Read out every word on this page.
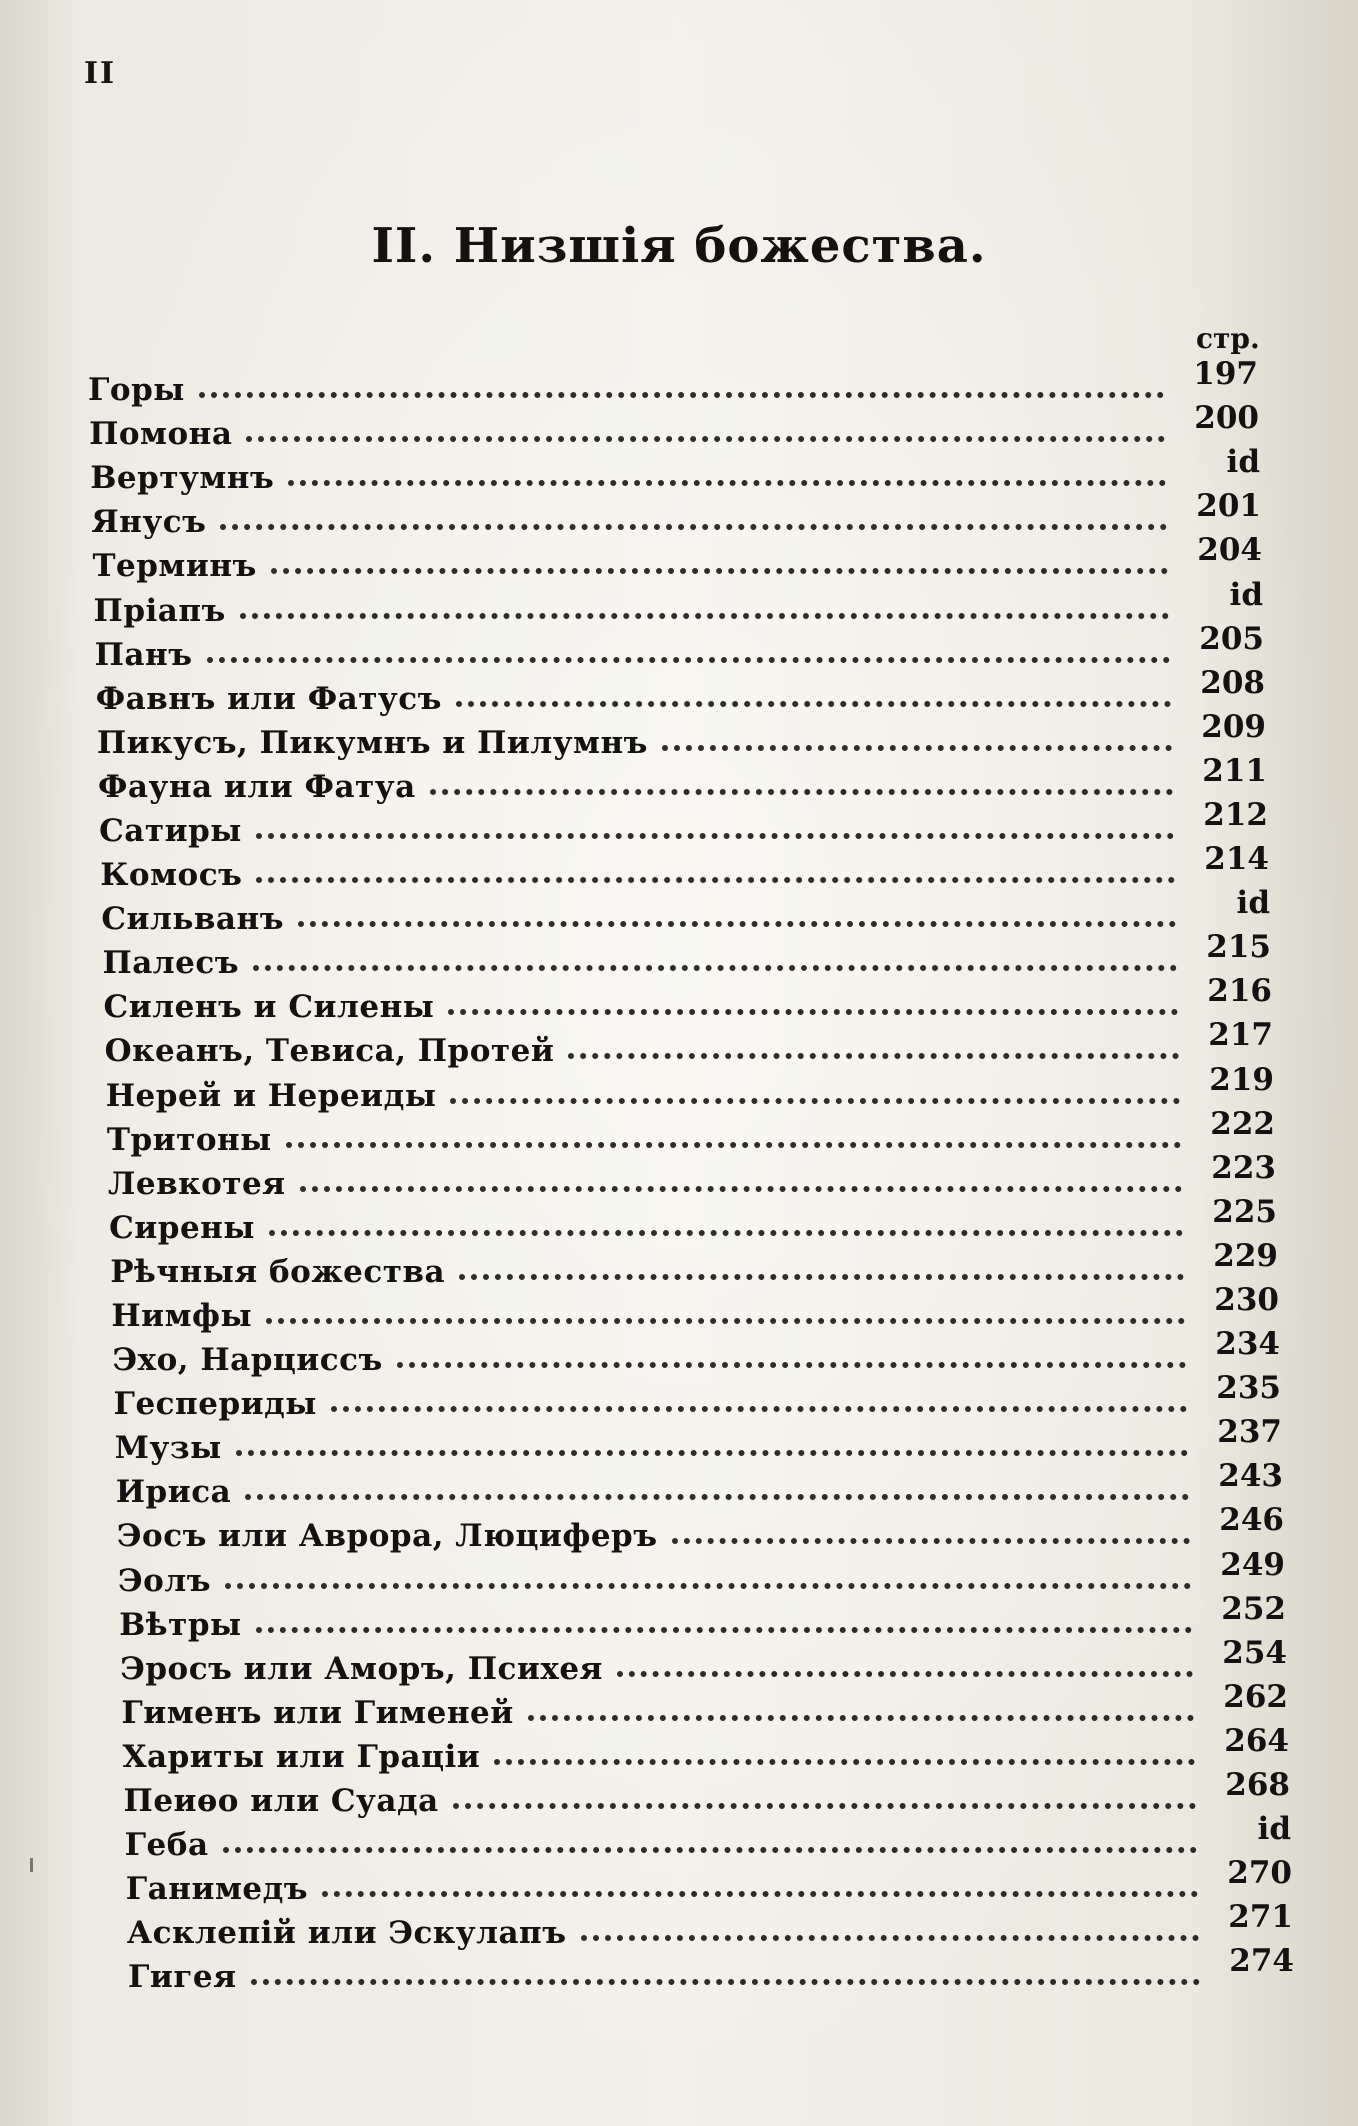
II
II. Низшія божества.
стр.
Горы	197
Помона	200
Вертумнъ	id
Янусъ	201
Терминъ	204
Пріапъ	id
Панъ	205
Фавнъ или Фатусъ	208
Пикусъ, Пикумнъ и Пилумнъ	209
Фауна или Фатуа	211
Сатиры	212
Комосъ	214
Сильванъ	id
Палесъ	215
Силенъ и Силены	216
Океанъ, Тевиса, Протей	217
Нерей и Нереиды	219
Тритоны	222
Левкотея	223
Сирены	225
Рѣчныя божества	229
Нимфы	230
Эхо, Нарциссъ	234
Геспериды	235
Музы	237
Ириса	243
Эосъ или Аврора, Люциферъ	246
Эолъ	249
Вѣтры	252
Эросъ или Аморъ, Психея	254
Гименъ или Гименей	262
Хариты или Граціи	264
Пеиѳо или Суада	268
Геба	id
Ганимедъ	270
Асклепій или Эскулапъ	271
Гигея	274
